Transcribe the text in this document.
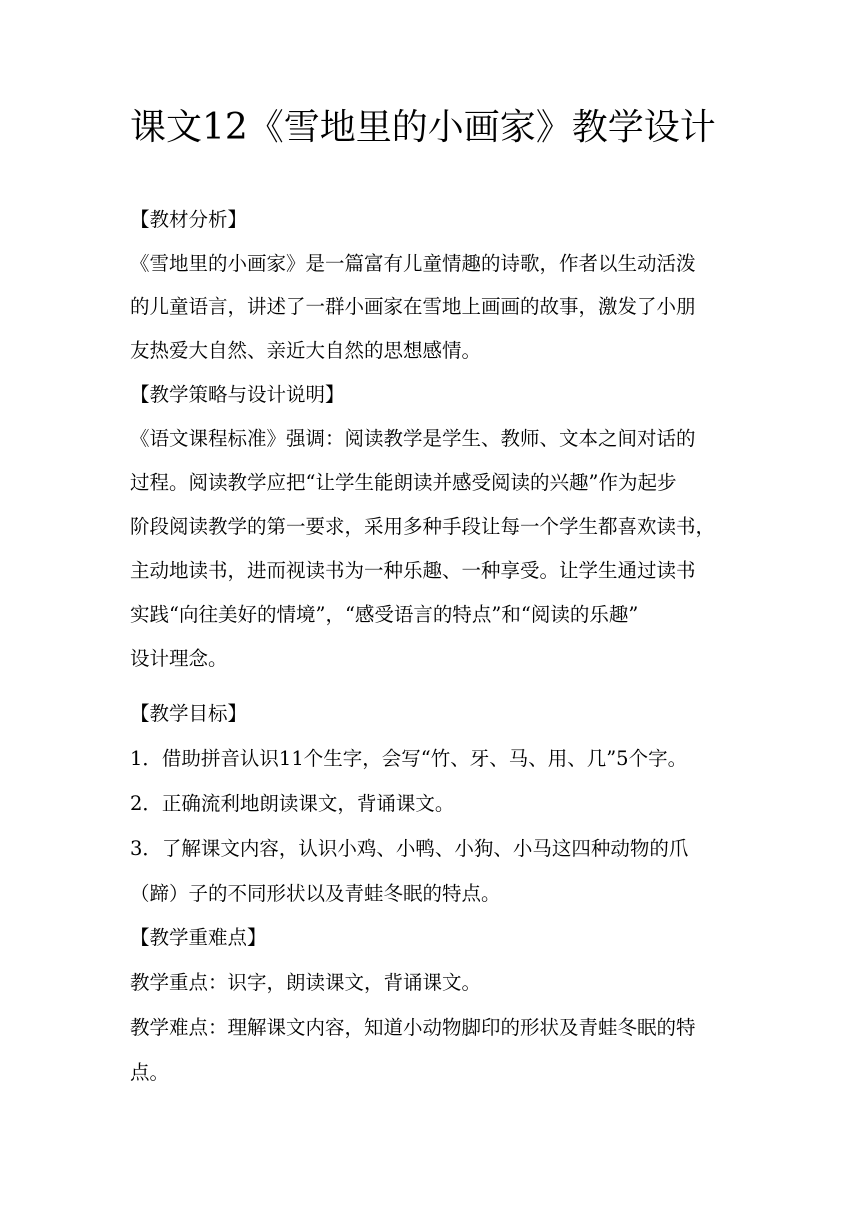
课文12《雪地里的小画家》教学设计
【教材分析】
《雪地里的小画家》是一篇富有儿童情趣的诗歌，作者以生动活泼
的儿童语言，讲述了一群小画家在雪地上画画的故事，激发了小朋
友热爱大自然、亲近大自然的思想感情。
【教学策略与设计说明】
《语文课程标准》强调：阅读教学是学生、教师、文本之间对话的
过程。阅读教学应把“让学生能朗读并感受阅读的兴趣”作为起步
阶段阅读教学的第一要求，采用多种手段让每一个学生都喜欢读书，
主动地读书，进而视读书为一种乐趣、一种享受。让学生通过读书
实践“向往美好的情境”，“感受语言的特点”和“阅读的乐趣”
设计理念。
【教学目标】
1．借助拼音认识11个生字，会写“竹、牙、马、用、几”5个字。
2．正确流利地朗读课文，背诵课文。
3．了解课文内容，认识小鸡、小鸭、小狗、小马这四种动物的爪
（蹄）子的不同形状以及青蛙冬眠的特点。
【教学重难点】
教学重点：识字，朗读课文，背诵课文。
教学难点：理解课文内容，知道小动物脚印的形状及青蛙冬眠的特
点。
